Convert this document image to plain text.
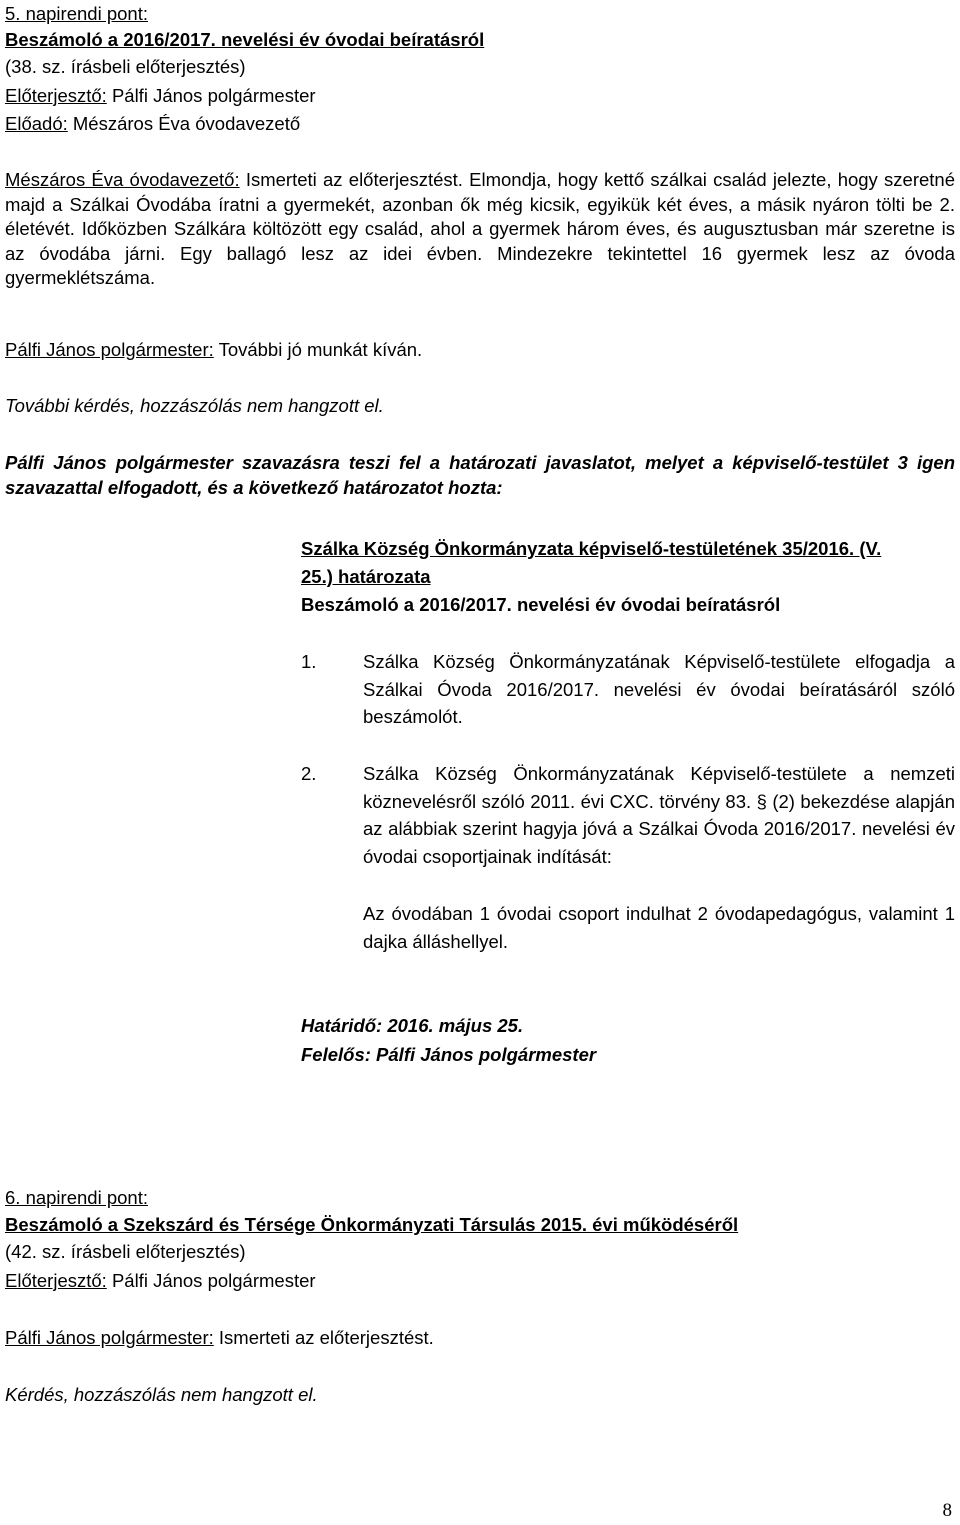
5. napirendi pont:
Beszámoló a 2016/2017. nevelési év óvodai beíratásról
(38. sz. írásbeli előterjesztés)
Előterjesztő: Pálfi János polgármester
Előadó: Mészáros Éva óvodavezető
Mészáros Éva óvodavezető: Ismerteti az előterjesztést. Elmondja, hogy kettő szálkai család jelezte, hogy szeretné majd a Szálkai Óvodába íratni a gyermekét, azonban ők még kicsik, egyikük két éves, a másik nyáron tölti be 2. életévét. Időközben Szálkára költözött egy család, ahol a gyermek három éves, és augusztusban már szeretne is az óvodába járni. Egy ballagó lesz az idei évben. Mindezekre tekintettel 16 gyermek lesz az óvoda gyermeklétszáma.
Pálfi János polgármester: További jó munkát kíván.
További kérdés, hozzászólás nem hangzott el.
Pálfi János polgármester szavazásra teszi fel a határozati javaslatot, melyet a képviselő-testület 3 igen szavazattal elfogadott, és a következő határozatot hozta:
Szálka Község Önkormányzata képviselő-testületének 35/2016. (V.
25.) határozata
Beszámoló a 2016/2017. nevelési év óvodai beíratásról
1.	Szálka Község Önkormányzatának Képviselő-testülete elfogadja a Szálkai Óvoda 2016/2017. nevelési év óvodai beíratásáról szóló beszámolót.
2.	Szálka Község Önkormányzatának Képviselő-testülete a nemzeti köznevelésről szóló 2011. évi CXC. törvény 83. § (2) bekezdése alapján az alábbiak szerint hagyja jóvá a Szálkai Óvoda 2016/2017. nevelési év óvodai csoportjainak indítását:
Az óvodában 1 óvodai csoport indulhat 2 óvodapedagógus, valamint 1 dajka álláshellyel.
Határidő: 2016. május 25.
Felelős: Pálfi János polgármester
6. napirendi pont:
Beszámoló a Szekszárd és Térsége Önkormányzati Társulás 2015. évi működéséről
(42. sz. írásbeli előterjesztés)
Előterjesztő: Pálfi János polgármester
Pálfi János polgármester: Ismerteti az előterjesztést.
Kérdés, hozzászólás nem hangzott el.
8
